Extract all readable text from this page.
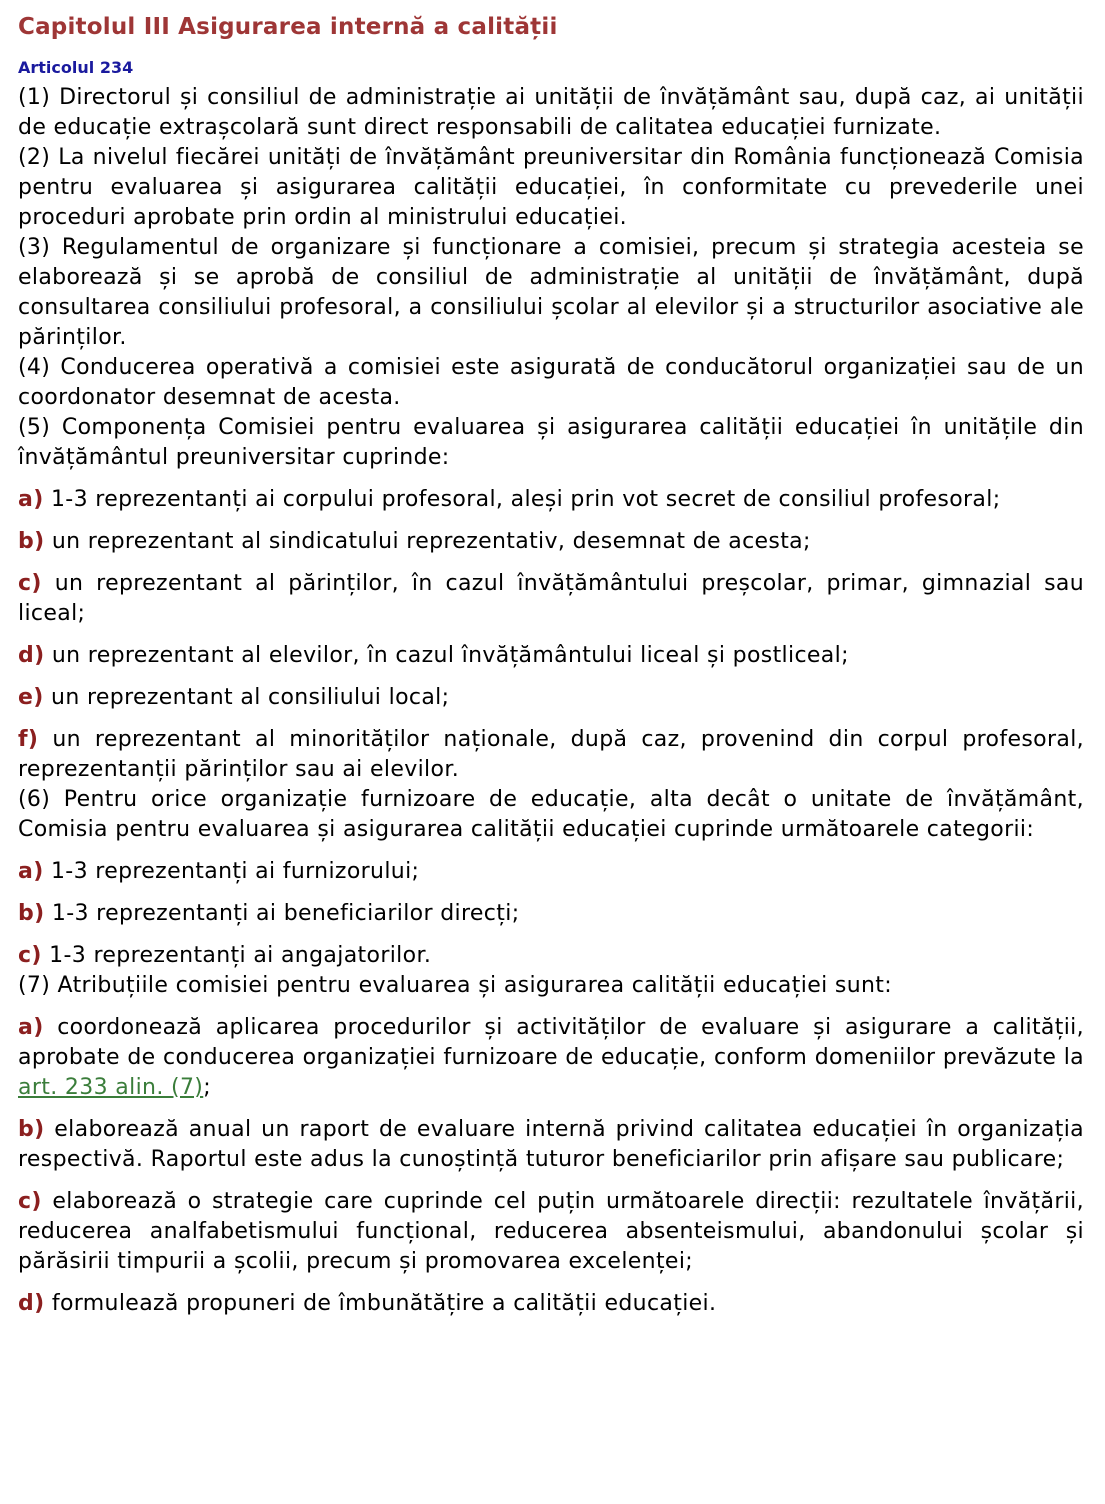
Capitolul III Asigurarea internă a calității
Articolul 234

(1) Directorul și consiliul de administrație ai unității de învățământ sau, după caz, ai unității de educație extrașcolară sunt direct responsabili de calitatea educației furnizate.

(2) La nivelul fiecărei unități de învățământ preuniversitar din România funcționează Comisia pentru evaluarea și asigurarea calității educației, în conformitate cu prevederile unei proceduri aprobate prin ordin al ministrului educației.

(3) Regulamentul de organizare și funcționare a comisiei, precum și strategia acesteia se elaborează și se aprobă de consiliul de administrație al unității de învățământ, după consultarea consiliului profesoral, a consiliului școlar al elevilor și a structurilor asociative ale părinților.

(4) Conducerea operativă a comisiei este asigurată de conducătorul organizației sau de un coordonator desemnat de acesta.

(5) Componența Comisiei pentru evaluarea și asigurarea calității educației în unitățile din învățământul preuniversitar cuprinde:

a) 1-3 reprezentanți ai corpului profesoral, aleși prin vot secret de consiliul profesoral;

b) un reprezentant al sindicatului reprezentativ, desemnat de acesta;

c) un reprezentant al părinților, în cazul învățământului preșcolar, primar, gimnazial sau liceal;

d) un reprezentant al elevilor, în cazul învățământului liceal și postliceal;

e) un reprezentant al consiliului local;

f) un reprezentant al minorităților naționale, după caz, provenind din corpul profesoral, reprezentanții părinților sau ai elevilor.

(6) Pentru orice organizație furnizoare de educație, alta decât o unitate de învățământ, Comisia pentru evaluarea și asigurarea calității educației cuprinde următoarele categorii:

a) 1-3 reprezentanți ai furnizorului;

b) 1-3 reprezentanți ai beneficiarilor direcți;

c) 1-3 reprezentanți ai angajatorilor.

(7) Atribuțiile comisiei pentru evaluarea și asigurarea calității educației sunt:

a) coordonează aplicarea procedurilor și activităților de evaluare și asigurare a calității, aprobate de conducerea organizației furnizoare de educație, conform domeniilor prevăzute la art. 233 alin. (7);

b) elaborează anual un raport de evaluare internă privind calitatea educației în organizația respectivă. Raportul este adus la cunoștință tuturor beneficiarilor prin afișare sau publicare;

c) elaborează o strategie care cuprinde cel puțin următoarele direcții: rezultatele învățării, reducerea analfabetismului funcțional, reducerea absenteismului, abandonului școlar și părăsirii timpurii a școlii, precum și promovarea excelenței;

d) formulează propuneri de îmbunătățire a calității educației.
